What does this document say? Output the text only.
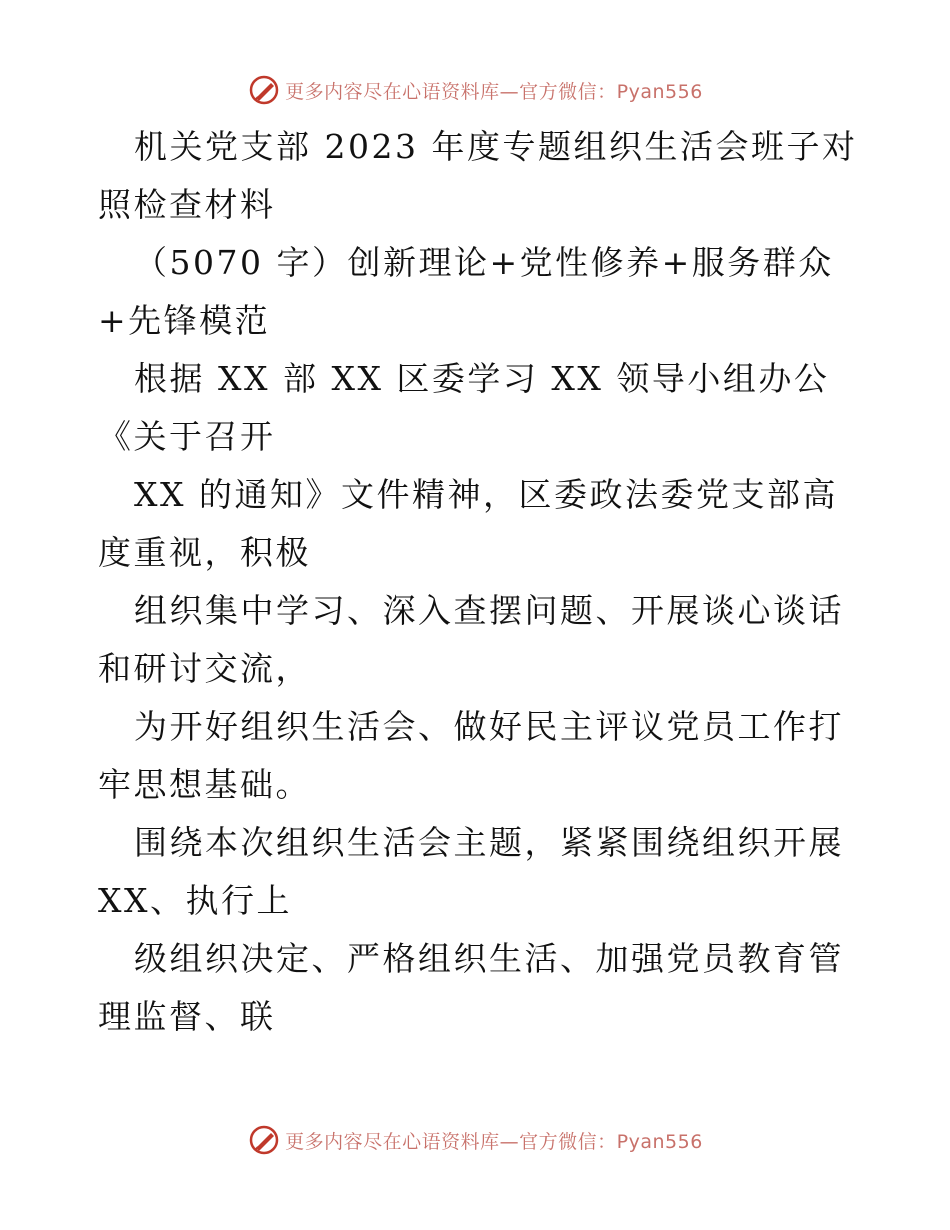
更多内容尽在心语资料库—官方微信：Pyan556

机关党支部 2023 年度专题组织生活会班子对照检查材料

（5070 字）创新理论+党性修养+服务群众+先锋模范

根据 XX 部 XX 区委学习 XX 领导小组办公《关于召开

XX 的通知》文件精神，区委政法委党支部高度重视，积极

组织集中学习、深入查摆问题、开展谈心谈话和研讨交流，

为开好组织生活会、做好民主评议党员工作打牢思想基础。

围绕本次组织生活会主题，紧紧围绕组织开展 XX、执行上

级组织决定、严格组织生活、加强党员教育管理监督、联

更多内容尽在心语资料库—官方微信：Pyan556
